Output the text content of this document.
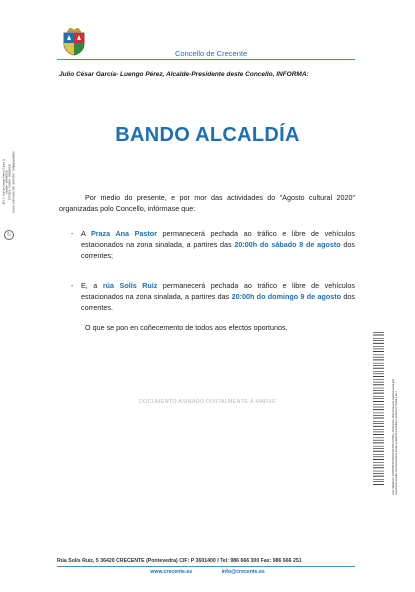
Concello de Crecente
Julio César García- Luengo Pérez, Alcalde-Presidente deste Concello, INFORMA:
JUN C. García-Luengo Pérez (1 para 1) Alcalde - 06/08/2020 ESTADO: A1/4/A3 - 06/08/2020 HASH: 1649 0A0E 060 7BA4 0F47 7E4fbb5a0e8f910
↻
BANDO ALCALDÍA
Por medio do presente, e por mor das actividades do "Agosto cultural 2020" organizadas polo Concello, infórmase que:
- A Praza Ana Pastor permanecerá pechada ao tráfico e libre de vehículos estacionados na zona sinalada, a partires das 20:00h do sábado 8 de agosto dos correntes;
- E, a rúa Solís Ruíz permanecerá pechada ao tráfico e libre de vehículos estacionados na zona sinalada, a partires das 20:00h do domingo 9 de agosto dos correntes.
O que se pon en coñecemento de todos aos efectos oportunos.
Cód. Validación: 3A3B9M9HXC9WPNYMJ55ZUCNMC | Verificación: https://crecente.sedelectronica.gal/ Documento asinado electrónicamente desde a plataforma esPublico Gestiona | Páxina 1 de 1
DOCUMENTO ASINADO DIXITALMENTE Á MARXE
Rúa Solís Ruíz, 5 36420 CRECENTE (Pontevedra) CIF: P 3601400 I Tel: 986 666 300 Fax: 986 666 251
www.crecente.es	info@crecente.es
